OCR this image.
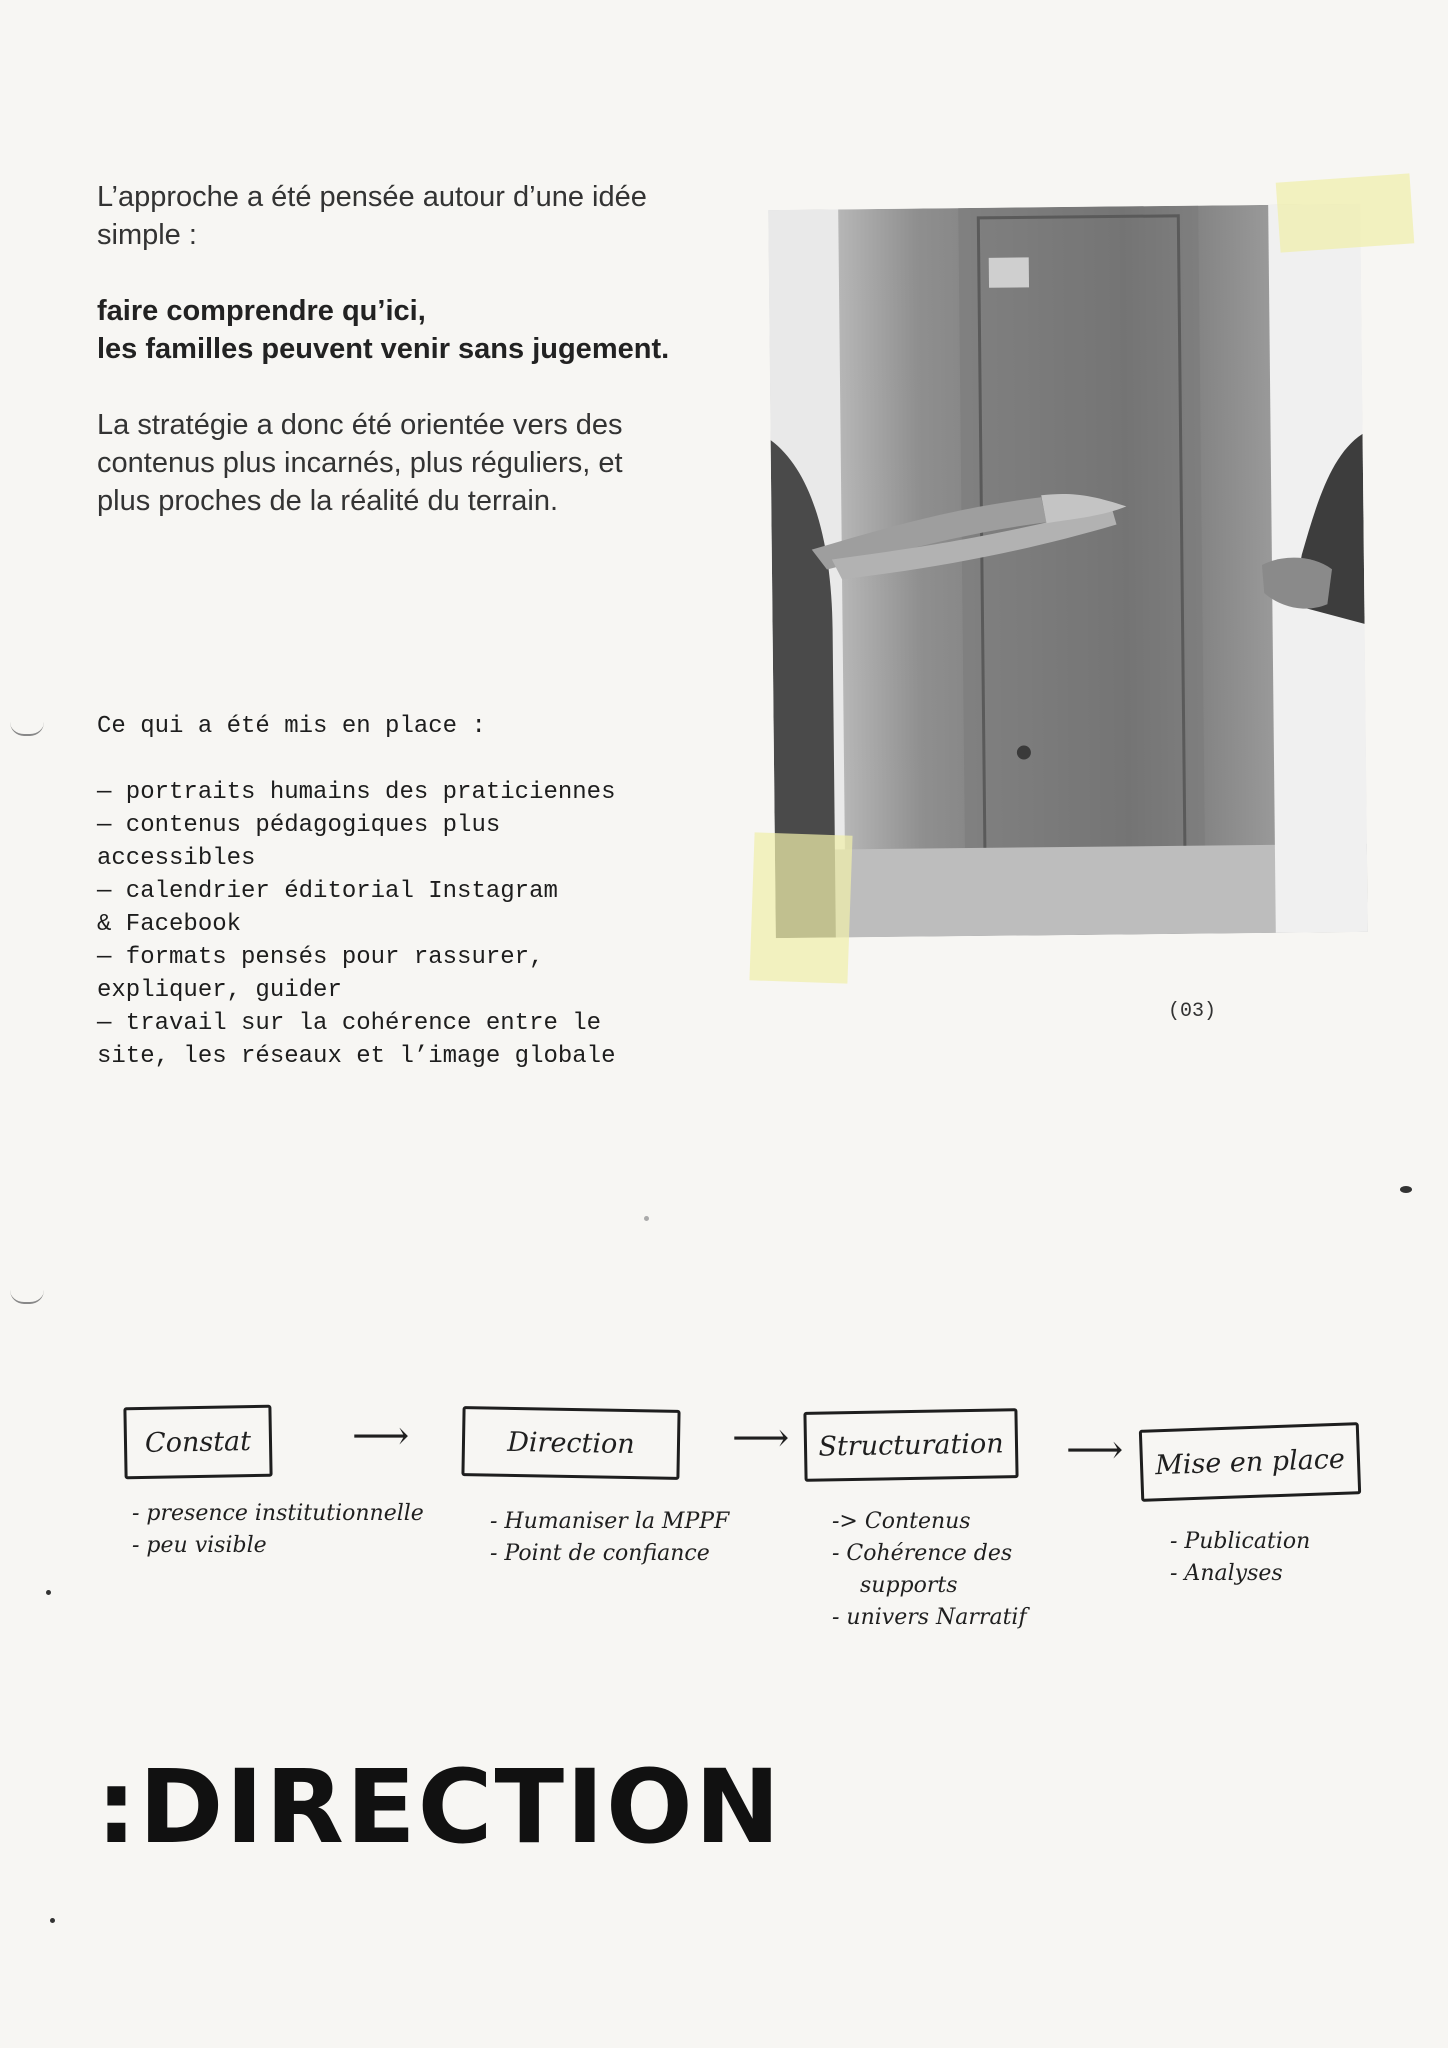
L’approche a été pensée autour d’une idée
simple :

faire comprendre qu’ici,
les familles peuvent venir sans jugement.

La stratégie a donc été orientée vers des
contenus plus incarnés, plus réguliers, et
plus proches de la réalité du terrain.

Ce qui a été mis en place :

— portraits humains des praticiennes
— contenus pédagogiques plus
accessibles
— calendrier éditorial Instagram
& Facebook
— formats pensés pour rassurer,
expliquer, guider
— travail sur la cohérence entre le
site, les réseaux et l’image globale
(03)
Constat	⟶	Direction	⟶	Structuration	⟶	Mise en place
- presence institutionnelle
- peu visible
- Humaniser la MPPF
- Point de confiance
-> Contenus
- Cohérence des
supports
- univers Narratif
- Publication
- Analyses
:DIRECTION
